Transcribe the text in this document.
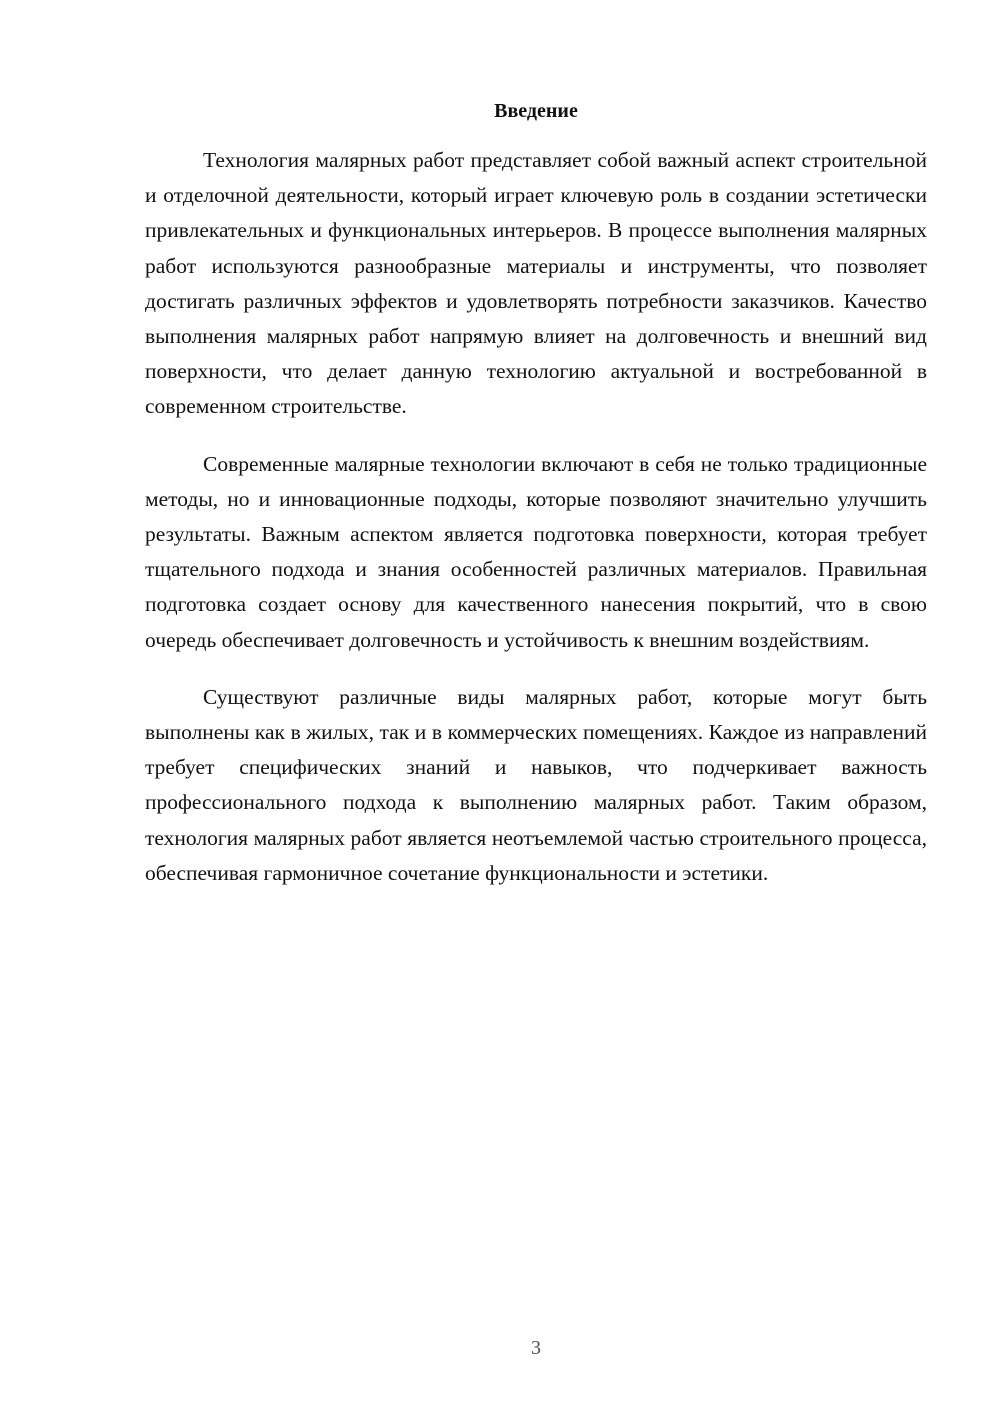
Введение

Технология малярных работ представляет собой важный аспект строительной и отделочной деятельности, который играет ключевую роль в создании эстетически привлекательных и функциональных интерьеров. В процессе выполнения малярных работ используются разнообразные материалы и инструменты, что позволяет достигать различных эффектов и удовлетворять потребности заказчиков. Качество выполнения малярных работ напрямую влияет на долговечность и внешний вид поверхности, что делает данную технологию актуальной и востребованной в современном строительстве.

Современные малярные технологии включают в себя не только традиционные методы, но и инновационные подходы, которые позволяют значительно улучшить результаты. Важным аспектом является подготовка поверхности, которая требует тщательного подхода и знания особенностей различных материалов. Правильная подготовка создает основу для качественного нанесения покрытий, что в свою очередь обеспечивает долговечность и устойчивость к внешним воздействиям.

Существуют различные виды малярных работ, которые могут быть выполнены как в жилых, так и в коммерческих помещениях. Каждое из направлений требует специфических знаний и навыков, что подчеркивает важность профессионального подхода к выполнению малярных работ. Таким образом, технология малярных работ является неотъемлемой частью строительного процесса, обеспечивая гармоничное сочетание функциональности и эстетики.

3
